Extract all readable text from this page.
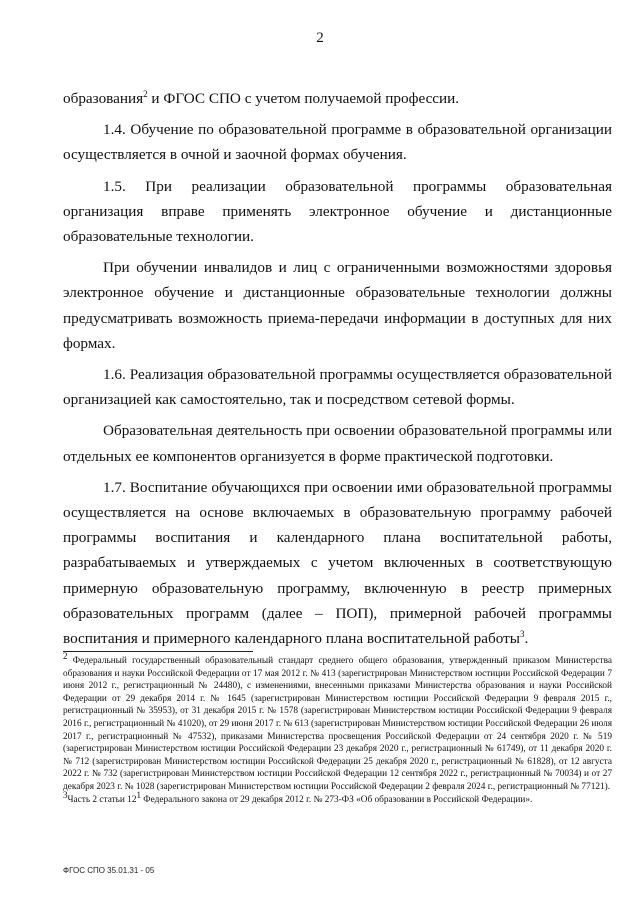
2

образования$^2$ и ФГОС СПО с учетом получаемой профессии.

1.4. Обучение по образовательной программе в образовательной организации осуществляется в очной и заочной формах обучения.

1.5. При реализации образовательной программы образовательная организация вправе применять электронное обучение и дистанционные образовательные технологии.

При обучении инвалидов и лиц с ограниченными возможностями здоровья электронное обучение и дистанционные образовательные технологии должны предусматривать возможность приема-передачи информации в доступных для них формах.

1.6. Реализация образовательной программы осуществляется образовательной организацией как самостоятельно, так и посредством сетевой формы.

Образовательная деятельность при освоении образовательной программы или отдельных ее компонентов организуется в форме практической подготовки.

1.7. Воспитание обучающихся при освоении ими образовательной программы осуществляется на основе включаемых в образовательную программу рабочей программы воспитания и календарного плана воспитательной работы, разрабатываемых и утверждаемых с учетом включенных в соответствующую примерную образовательную программу, включенную в реестр примерных образовательных программ (далее – ПОП), примерной рабочей программы воспитания и примерного календарного плана воспитательной работы$^3$.

$^2$ Федеральный государственный образовательный стандарт среднего общего образования, утвержденный приказом Министерства образования и науки Российской Федерации от 17 мая 2012 г. № 413 (зарегистрирован Министерством юстиции Российской Федерации 7 июня 2012 г., регистрационный № 24480), с изменениями, внесенными приказами Министерства образования и науки Российской Федерации от 29 декабря 2014 г. № 1645 (зарегистрирован Министерством юстиции Российской Федерации 9 февраля 2015 г., регистрационный № 35953), от 31 декабря 2015 г. № 1578 (зарегистрирован Министерством юстиции Российской Федерации 9 февраля 2016 г., регистрационный № 41020), от 29 июня 2017 г. № 613 (зарегистрирован Министерством юстиции Российской Федерации 26 июля 2017 г., регистрационный № 47532), приказами Министерства просвещения Российской Федерации от 24 сентября 2020 г. № 519 (зарегистрирован Министерством юстиции Российской Федерации 23 декабря 2020 г., регистрационный № 61749), от 11 декабря 2020 г. № 712 (зарегистрирован Министерством юстиции Российской Федерации 25 декабря 2020 г., регистрационный № 61828), от 12 августа 2022 г. № 732 (зарегистрирован Министерством юстиции Российской Федерации 12 сентября 2022 г., регистрационный № 70034) и от 27 декабря 2023 г. № 1028 (зарегистрирован Министерством юстиции Российской Федерации 2 февраля 2024 г., регистрационный № 77121).

$^3$Часть 2 статьи $12^1$ Федерального закона от 29 декабря 2012 г. № 273-ФЗ «Об образовании в Российской Федерации».

ФГОС СПО 35.01.31 - 05
